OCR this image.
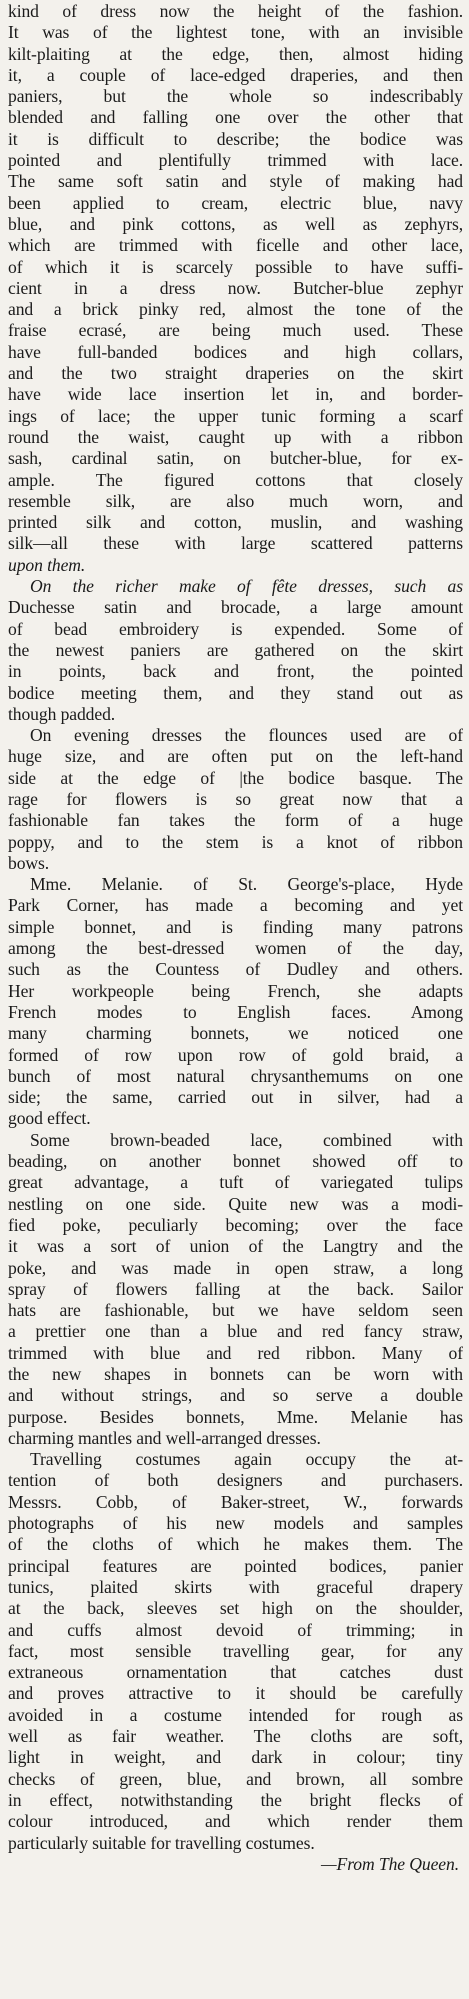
kind of dress now the height of the fashion.
It was of the lightest tone, with an invisible
kilt-plaiting at the edge, then, almost hiding
it, a couple of lace-edged draperies, and then
paniers, but the whole so indescribably
blended and falling one over the other that
it is difficult to describe; the bodice was
pointed and plentifully trimmed with lace.
The same soft satin and style of making had
been applied to cream, electric blue, navy
blue, and pink cottons, as well as zephyrs,
which are trimmed with ficelle and other lace,
of which it is scarcely possible to have suffi-
cient in a dress now. Butcher-blue zephyr
and a brick pinky red, almost the tone of the
fraise ecrasé, are being much used. These
have full-banded bodices and high collars,
and the two straight draperies on the skirt
have wide lace insertion let in, and border-
ings of lace; the upper tunic forming a scarf
round the waist, caught up with a ribbon
sash, cardinal satin, on butcher-blue, for ex-
ample. The figured cottons that closely
resemble silk, are also much worn, and
printed silk and cotton, muslin, and washing
silk—all these with large scattered patterns
upon them.
On the richer make of fête dresses, such as
Duchesse satin and brocade, a large amount
of bead embroidery is expended. Some of
the newest paniers are gathered on the skirt
in points, back and front, the pointed
bodice meeting them, and they stand out as
though padded.
On evening dresses the flounces used are of
huge size, and are often put on the left-hand
side at the edge of |the bodice basque. The
rage for flowers is so great now that a
fashionable fan takes the form of a huge
poppy, and to the stem is a knot of ribbon
bows.
Mme. Melanie. of St. George's-place, Hyde
Park Corner, has made a becoming and yet
simple bonnet, and is finding many patrons
among the best-dressed women of the day,
such as the Countess of Dudley and others.
Her workpeople being French, she adapts
French modes to English faces. Among
many charming bonnets, we noticed one
formed of row upon row of gold braid, a
bunch of most natural chrysanthemums on one
side; the same, carried out in silver, had a
good effect.
Some brown-beaded lace, combined with
beading, on another bonnet showed off to
great advantage, a tuft of variegated tulips
nestling on one side. Quite new was a modi-
fied poke, peculiarly becoming; over the face
it was a sort of union of the Langtry and the
poke, and was made in open straw, a long
spray of flowers falling at the back. Sailor
hats are fashionable, but we have seldom seen
a prettier one than a blue and red fancy straw,
trimmed with blue and red ribbon. Many of
the new shapes in bonnets can be worn with
and without strings, and so serve a double
purpose. Besides bonnets, Mme. Melanie has
charming mantles and well-arranged dresses.
Travelling costumes again occupy the at-
tention of both designers and purchasers.
Messrs. Cobb, of Baker-street, W., forwards
photographs of his new models and samples
of the cloths of which he makes them. The
principal features are pointed bodices, panier
tunics, plaited skirts with graceful drapery
at the back, sleeves set high on the shoulder,
and cuffs almost devoid of trimming; in
fact, most sensible travelling gear, for any
extraneous ornamentation that catches dust
and proves attractive to it should be carefully
avoided in a costume intended for rough as
well as fair weather. The cloths are soft,
light in weight, and dark in colour; tiny
checks of green, blue, and brown, all sombre
in effect, notwithstanding the bright flecks of
colour introduced, and which render them
particularly suitable for travelling costumes.
—From The Queen.
